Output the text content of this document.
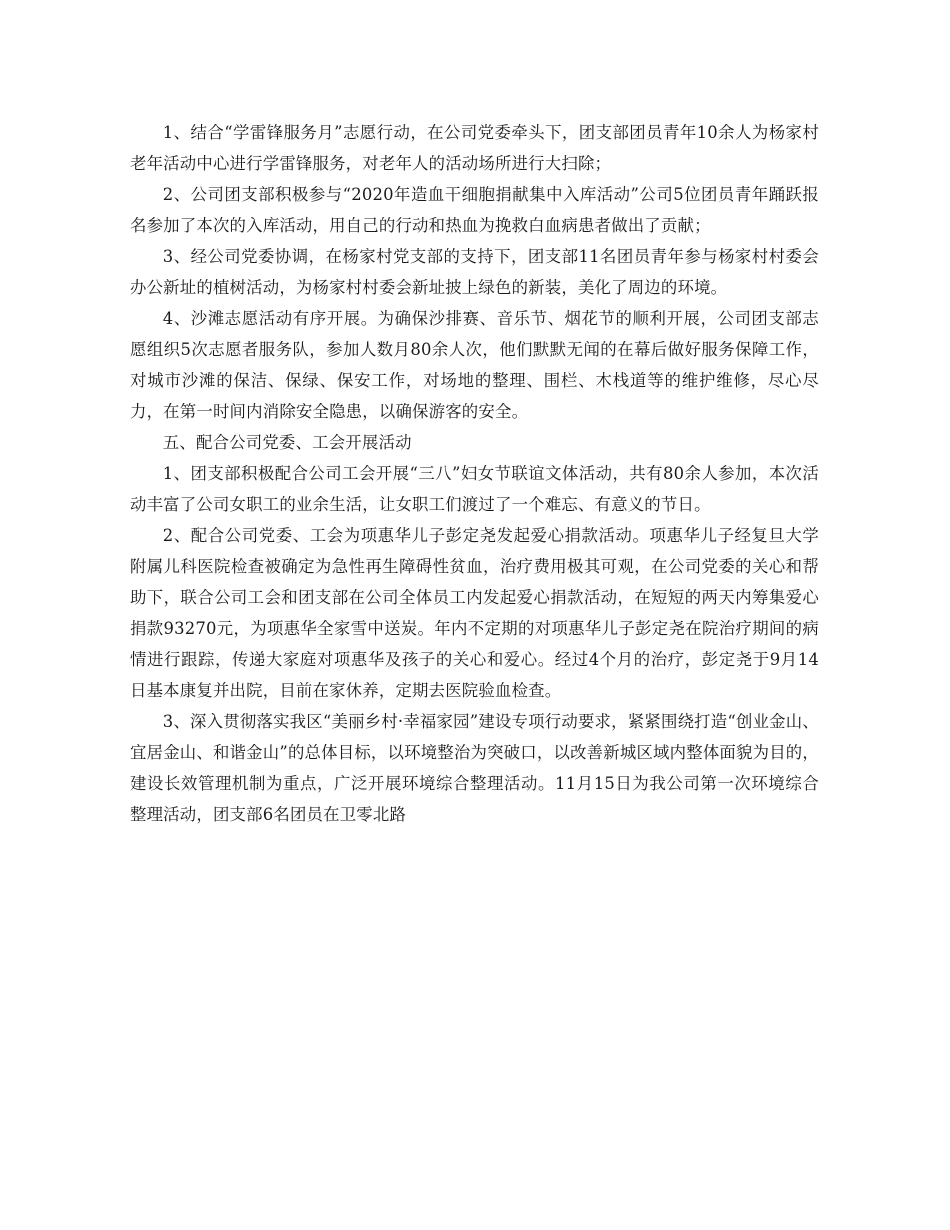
1、结合“学雷锋服务月”志愿行动，在公司党委牵头下，团支部团员青年10余人为杨家村老年活动中心进行学雷锋服务，对老年人的活动场所进行大扫除；

2、公司团支部积极参与“2020年造血干细胞捐献集中入库活动”公司5位团员青年踊跃报名参加了本次的入库活动，用自己的行动和热血为挽救白血病患者做出了贡献；

3、经公司党委协调，在杨家村党支部的支持下，团支部11名团员青年参与杨家村村委会办公新址的植树活动，为杨家村村委会新址披上绿色的新装，美化了周边的环境。

4、沙滩志愿活动有序开展。为确保沙排赛、音乐节、烟花节的顺利开展，公司团支部志愿组织5次志愿者服务队，参加人数月80余人次，他们默默无闻的在幕后做好服务保障工作，对城市沙滩的保洁、保绿、保安工作，对场地的整理、围栏、木栈道等的维护维修，尽心尽力，在第一时间内消除安全隐患，以确保游客的安全。

五、配合公司党委、工会开展活动

1、团支部积极配合公司工会开展“三八”妇女节联谊文体活动，共有80余人参加，本次活动丰富了公司女职工的业余生活，让女职工们渡过了一个难忘、有意义的节日。

2、配合公司党委、工会为项惠华儿子彭定尧发起爱心捐款活动。项惠华儿子经复旦大学附属儿科医院检查被确定为急性再生障碍性贫血，治疗费用极其可观，在公司党委的关心和帮助下，联合公司工会和团支部在公司全体员工内发起爱心捐款活动，在短短的两天内筹集爱心捐款93270元，为项惠华全家雪中送炭。年内不定期的对项惠华儿子彭定尧在院治疗期间的病情进行跟踪，传递大家庭对项惠华及孩子的关心和爱心。经过4个月的治疗，彭定尧于9月14日基本康复并出院，目前在家休养，定期去医院验血检查。

3、深入贯彻落实我区“美丽乡村·幸福家园”建设专项行动要求，紧紧围绕打造“创业金山、宜居金山、和谐金山”的总体目标，以环境整治为突破口，以改善新城区域内整体面貌为目的，建设长效管理机制为重点，广泛开展环境综合整理活动。11月15日为我公司第一次环境综合整理活动，团支部6名团员在卫零北路
